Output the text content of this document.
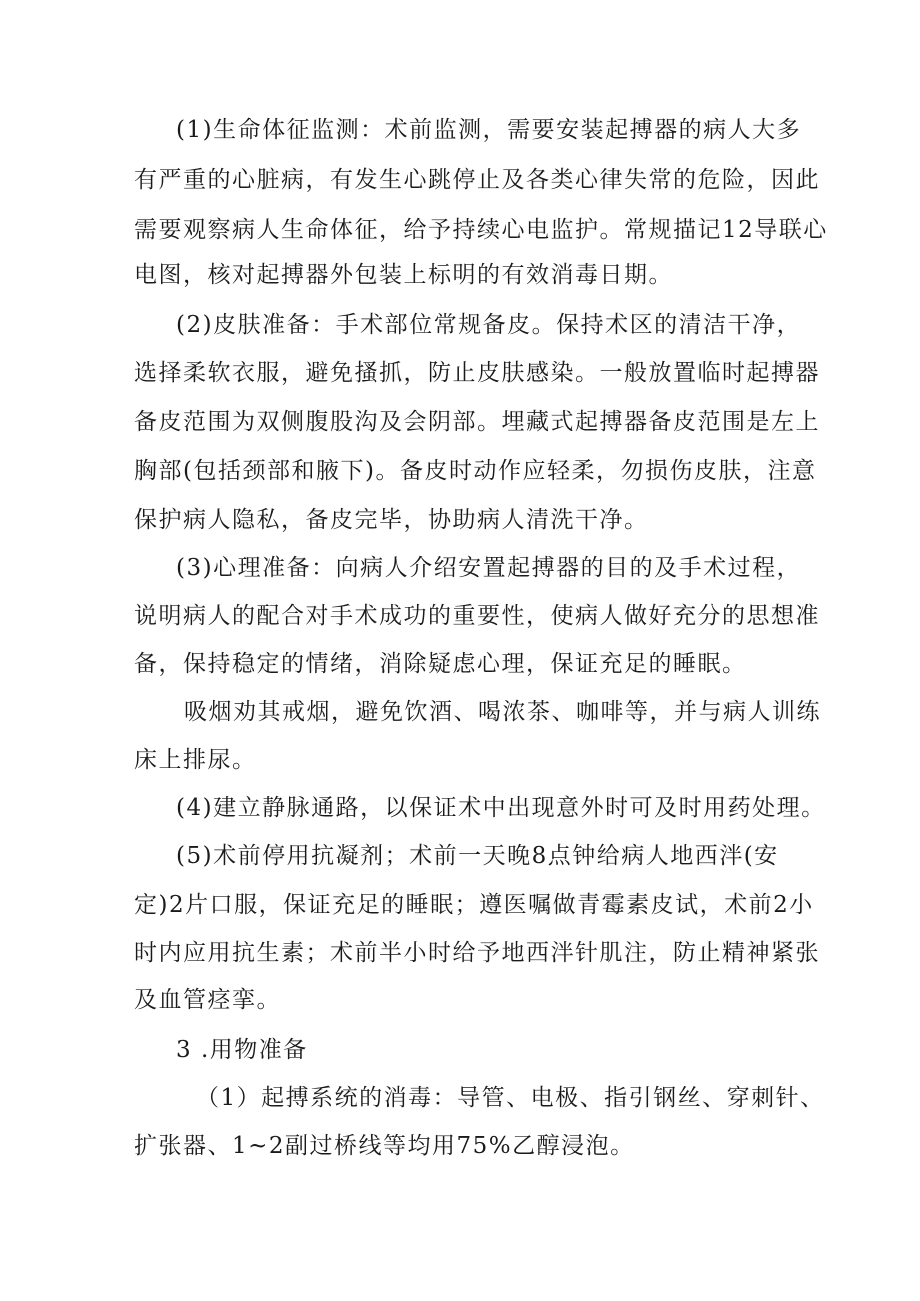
(1)生命体征监测：术前监测，需要安装起搏器的病人大多
有严重的心脏病，有发生心跳停止及各类心律失常的危险，因此
需要观察病人生命体征，给予持续心电监护。常规描记12导联心
电图，核对起搏器外包装上标明的有效消毒日期。
(2)皮肤准备：手术部位常规备皮。保持术区的清洁干净，
选择柔软衣服，避免搔抓，防止皮肤感染。一般放置临时起搏器
备皮范围为双侧腹股沟及会阴部。埋藏式起搏器备皮范围是左上
胸部(包括颈部和腋下)。备皮时动作应轻柔，勿损伤皮肤，注意
保护病人隐私，备皮完毕，协助病人清洗干净。
(3)心理准备：向病人介绍安置起搏器的目的及手术过程，
说明病人的配合对手术成功的重要性，使病人做好充分的思想准
备，保持稳定的情绪，消除疑虑心理，保证充足的睡眠。
吸烟劝其戒烟，避免饮酒、喝浓茶、咖啡等，并与病人训练
床上排尿。
(4)建立静脉通路，以保证术中出现意外时可及时用药处理。
(5)术前停用抗凝剂；术前一天晚8点钟给病人地西泮(安
定)2片口服，保证充足的睡眠；遵医嘱做青霉素皮试，术前2小
时内应用抗生素；术前半小时给予地西泮针肌注，防止精神紧张
及血管痉挛。
3 .用物准备
（1）起搏系统的消毒：导管、电极、指引钢丝、穿刺针、
扩张器、1~2副过桥线等均用75%乙醇浸泡。
